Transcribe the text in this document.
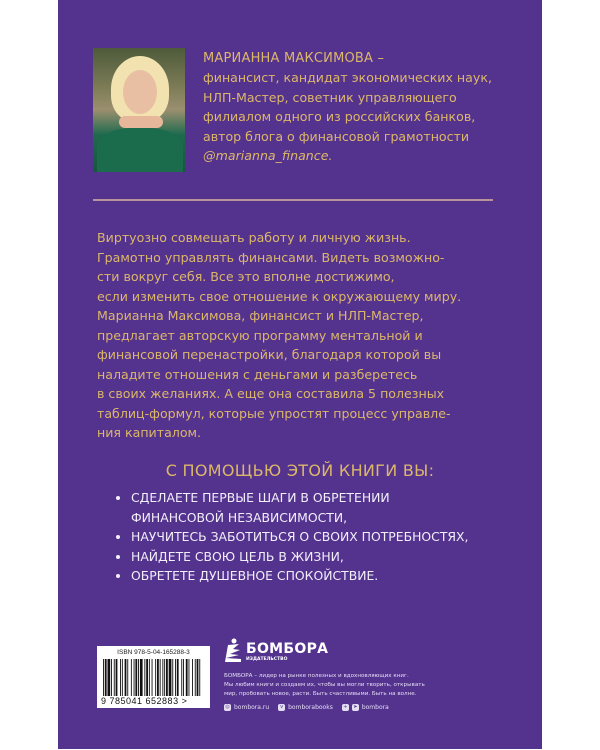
МАРИАННА МАКСИМОВА –
финансист, кандидат экономических наук,
НЛП-Мастер, советник управляющего
филиалом одного из российских банков,
автор блога о финансовой грамотности
@marianna_finance.
Виртуозно совмещать работу и личную жизнь.
Грамотно управлять финансами. Видеть возможно-
сти вокруг себя. Все это вполне достижимо,
если изменить свое отношение к окружающему миру.
Марианна Максимова, финансист и НЛП-Мастер,
предлагает авторскую программу ментальной и
финансовой перенастройки, благодаря которой вы
наладите отношения с деньгами и разберетесь
в своих желаниях. А еще она составила 5 полезных
таблиц-формул, которые упростят процесс управле-
ния капиталом.
С ПОМОЩЬЮ ЭТОЙ КНИГИ ВЫ:
СДЕЛАЕТЕ ПЕРВЫЕ ШАГИ В ОБРЕТЕНИИ
ФИНАНСОВОЙ НЕЗАВИСИМОСТИ,
НАУЧИТЕСЬ ЗАБОТИТЬСЯ О СВОИХ ПОТРЕБНОСТЯХ,
НАЙДЕТЕ СВОЮ ЦЕЛЬ В ЖИЗНИ,
ОБРЕТЕТЕ ДУШЕВНОЕ СПОКОЙСТВИЕ.
ISBN 978-5-04-165288-3
9 785041 652883 >
БОМБОРА
ИЗДАТЕЛЬСТВО
БОМБОРА – лидер на рынке полезных и вдохновляющих книг.
Мы любим книги и создаем их, чтобы вы могли творить, открывать
мир, пробовать новое, расти. Быть счастливыми. Быть на волне.
◎ bombora.ru	v bomborabooks + ➤ bombora
